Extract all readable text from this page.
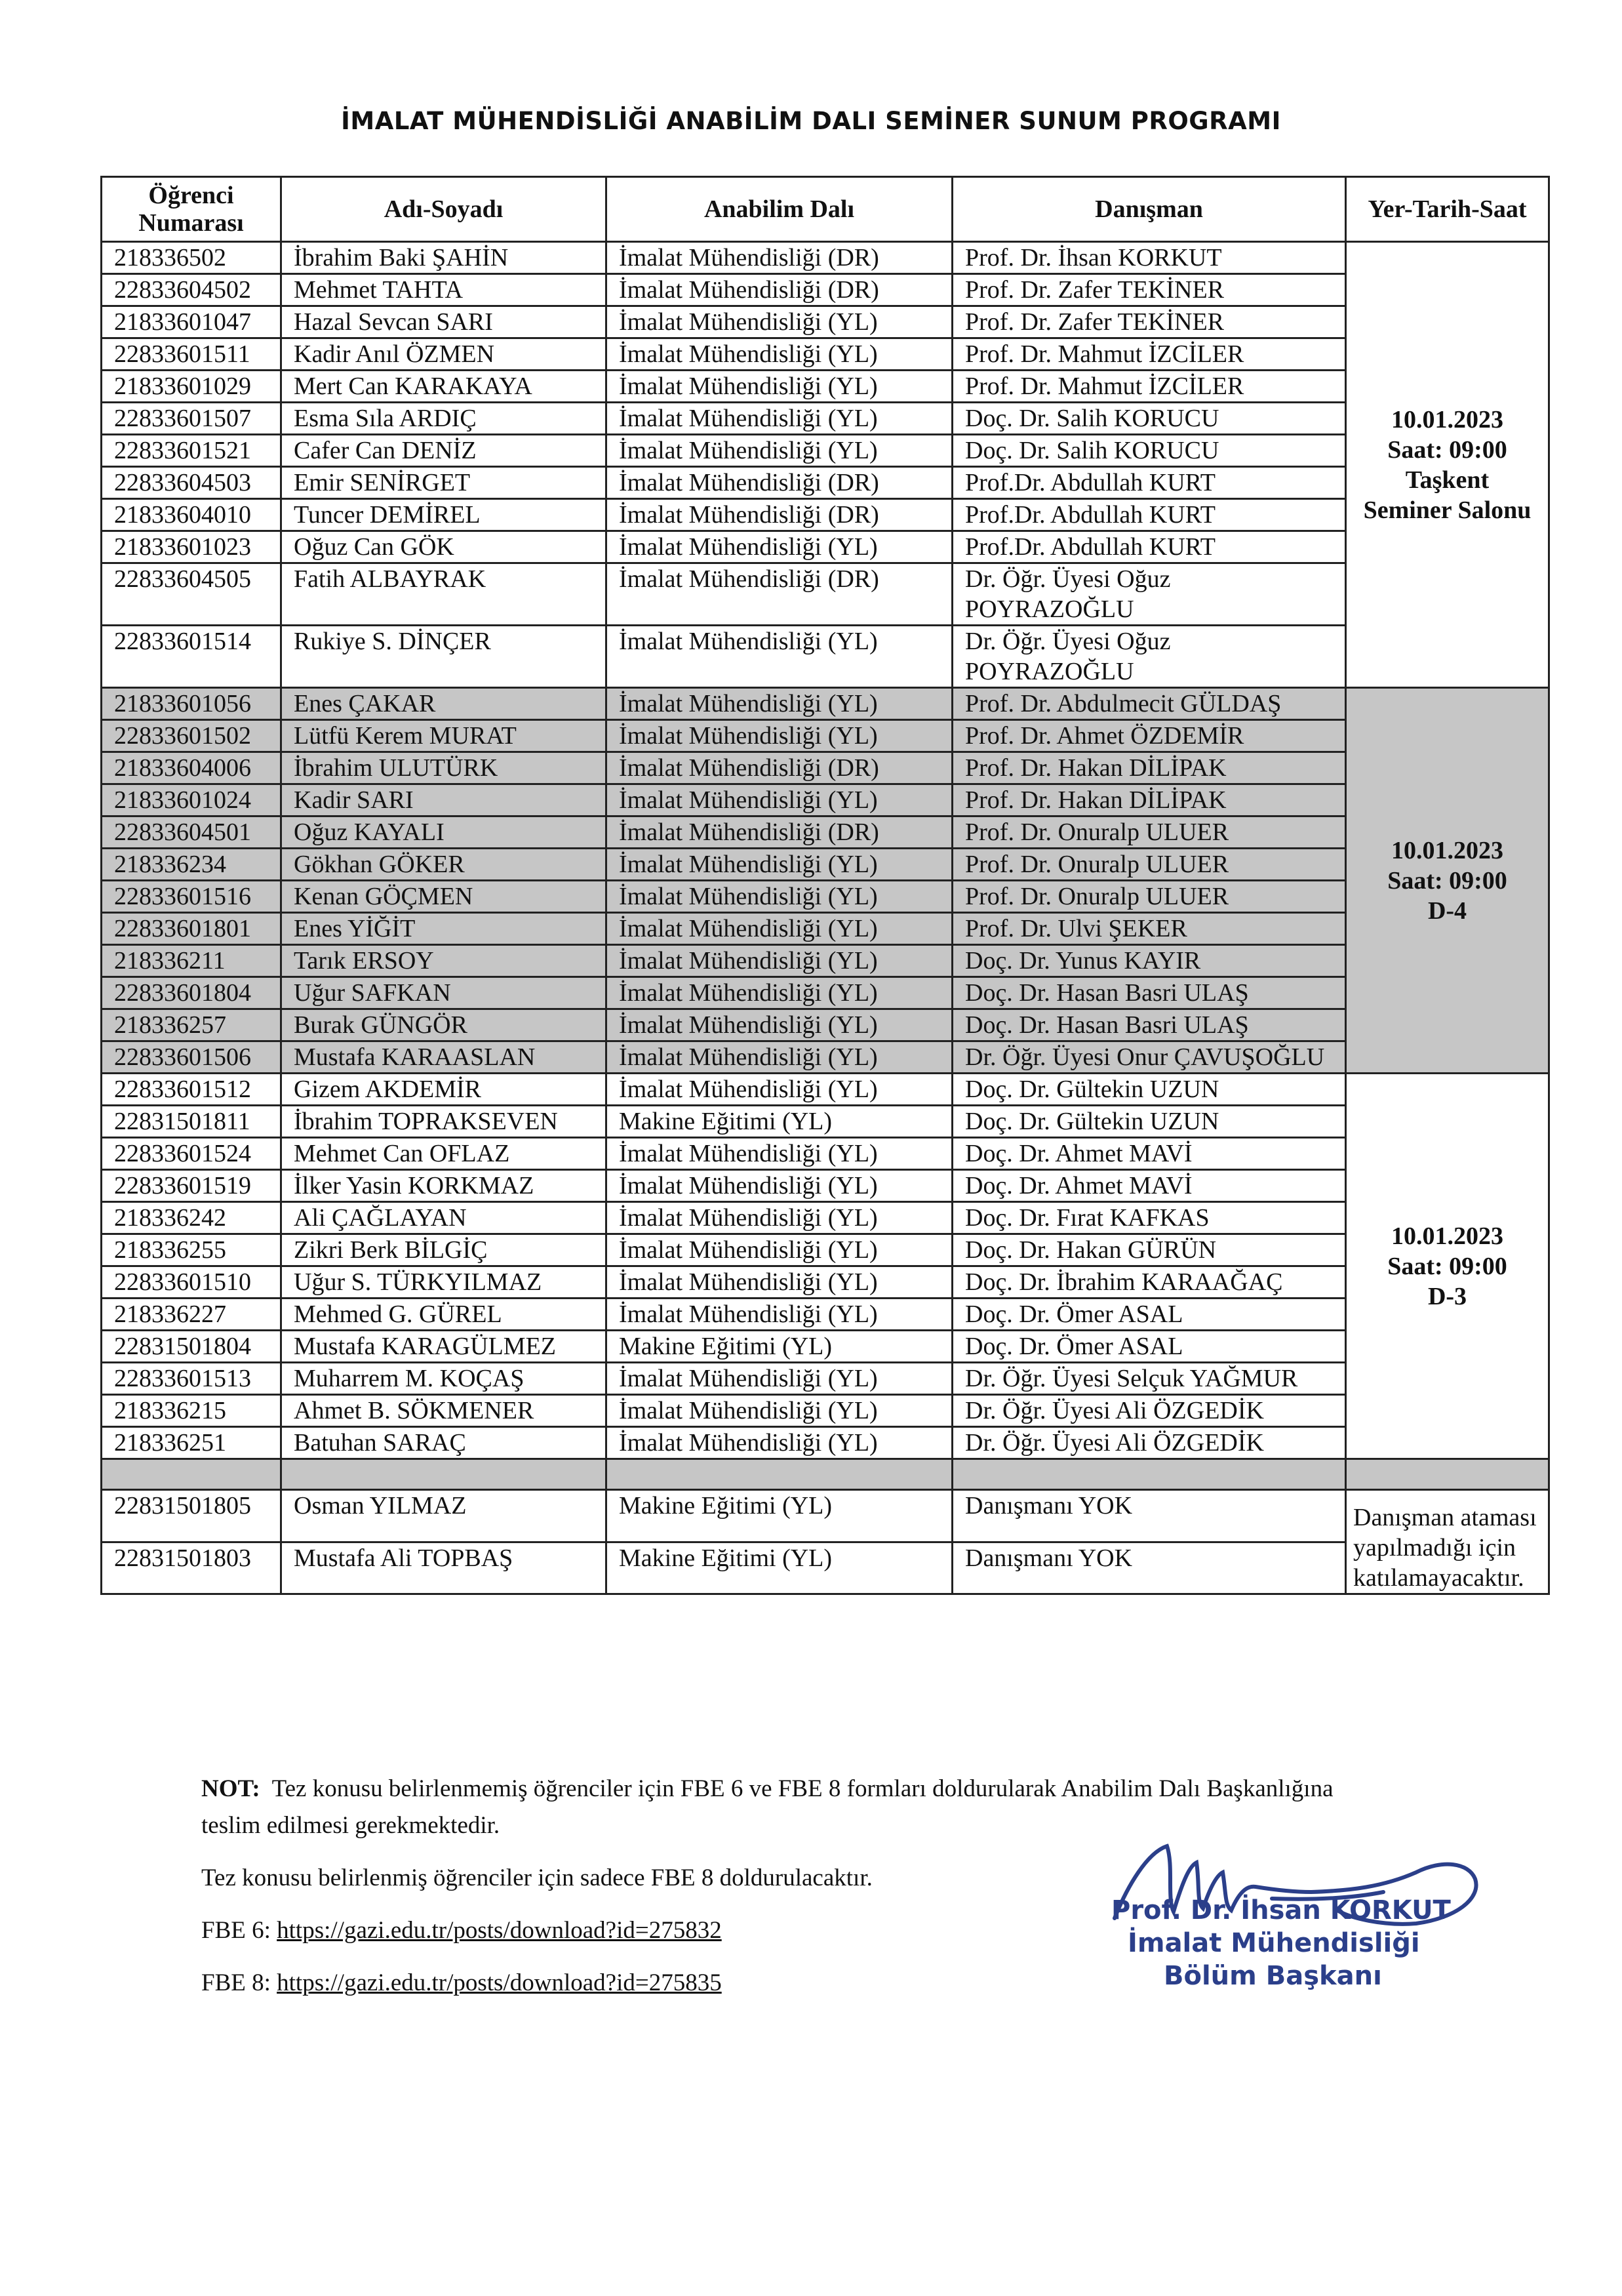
İMALAT MÜHENDİSLİĞİ ANABİLİM DALI SEMİNER SUNUM PROGRAMI
Öğrenci Numarası	Adı-Soyadı	Anabilim Dalı	Danışman	Yer-Tarih-Saat
218336502	İbrahim Baki ŞAHİN	İmalat Mühendisliği (DR)	Prof. Dr. İhsan KORKUT	10.01.2023
Saat: 09:00
Taşkent
Seminer Salonu

22833604502	Mehmet TAHTA	İmalat Mühendisliği (DR)	Prof. Dr. Zafer TEKİNER	
21833601047	Hazal Sevcan SARI	İmalat Mühendisliği (YL)	Prof. Dr. Zafer TEKİNER	
22833601511	Kadir Anıl ÖZMEN	İmalat Mühendisliği (YL)	Prof. Dr. Mahmut İZCİLER	
21833601029	Mert Can KARAKAYA	İmalat Mühendisliği (YL)	Prof. Dr. Mahmut İZCİLER	
22833601507	Esma Sıla ARDIÇ	İmalat Mühendisliği (YL)	Doç. Dr. Salih KORUCU	
22833601521	Cafer Can DENİZ	İmalat Mühendisliği (YL)	Doç. Dr. Salih KORUCU	
22833604503	Emir SENİRGET	İmalat Mühendisliği (DR)	Prof.Dr. Abdullah KURT	
21833604010	Tuncer DEMİREL	İmalat Mühendisliği (DR)	Prof.Dr. Abdullah KURT	
21833601023	Oğuz Can GÖK	İmalat Mühendisliği (YL)	Prof.Dr. Abdullah KURT	
22833604505	Fatih ALBAYRAK	İmalat Mühendisliği (DR)	Dr. Öğr. Üyesi Oğuz POYRAZOĞLU	
22833601514	Rukiye S. DİNÇER	İmalat Mühendisliği (YL)	Dr. Öğr. Üyesi Oğuz POYRAZOĞLU	
21833601056	Enes ÇAKAR	İmalat Mühendisliği (YL)	Prof. Dr. Abdulmecit GÜLDAŞ	10.01.2023
Saat: 09:00
D-4

22833601502	Lütfü Kerem MURAT	İmalat Mühendisliği (YL)	Prof. Dr. Ahmet ÖZDEMİR	
21833604006	İbrahim ULUTÜRK	İmalat Mühendisliği (DR)	Prof. Dr. Hakan DİLİPAK	
21833601024	Kadir SARI	İmalat Mühendisliği (YL)	Prof. Dr. Hakan DİLİPAK	
22833604501	Oğuz KAYALI	İmalat Mühendisliği (DR)	Prof. Dr. Onuralp ULUER	
218336234	Gökhan GÖKER	İmalat Mühendisliği (YL)	Prof. Dr. Onuralp ULUER	
22833601516	Kenan GÖÇMEN	İmalat Mühendisliği (YL)	Prof. Dr. Onuralp ULUER	
22833601801	Enes YİĞİT	İmalat Mühendisliği (YL)	Prof. Dr. Ulvi ŞEKER	
218336211	Tarık ERSOY	İmalat Mühendisliği (YL)	Doç. Dr. Yunus KAYIR	
22833601804	Uğur SAFKAN	İmalat Mühendisliği (YL)	Doç. Dr. Hasan Basri ULAŞ	
218336257	Burak GÜNGÖR	İmalat Mühendisliği (YL)	Doç. Dr. Hasan Basri ULAŞ	
22833601506	Mustafa KARAASLAN	İmalat Mühendisliği (YL)	Dr. Öğr. Üyesi Onur ÇAVUŞOĞLU	
22833601512	Gizem AKDEMİR	İmalat Mühendisliği (YL)	Doç. Dr. Gültekin UZUN	10.01.2023
Saat: 09:00
D-3

22831501811	İbrahim TOPRAKSEVEN	Makine Eğitimi (YL)	Doç. Dr. Gültekin UZUN	
22833601524	Mehmet Can OFLAZ	İmalat Mühendisliği (YL)	Doç. Dr. Ahmet MAVİ	
22833601519	İlker Yasin KORKMAZ	İmalat Mühendisliği (YL)	Doç. Dr. Ahmet MAVİ	
218336242	Ali ÇAĞLAYAN	İmalat Mühendisliği (YL)	Doç. Dr. Fırat KAFKAS	
218336255	Zikri Berk BİLGİÇ	İmalat Mühendisliği (YL)	Doç. Dr. Hakan GÜRÜN	
22833601510	Uğur S. TÜRKYILMAZ	İmalat Mühendisliği (YL)	Doç. Dr. İbrahim KARAAĞAÇ	
218336227	Mehmed G. GÜREL	İmalat Mühendisliği (YL)	Doç. Dr. Ömer ASAL	
22831501804	Mustafa KARAGÜLMEZ	Makine Eğitimi (YL)	Doç. Dr. Ömer ASAL	
22833601513	Muharrem M. KOÇAŞ	İmalat Mühendisliği (YL)	Dr. Öğr. Üyesi Selçuk YAĞMUR	
218336215	Ahmet B. SÖKMENER	İmalat Mühendisliği (YL)	Dr. Öğr. Üyesi Ali ÖZGEDİK	
218336251	Batuhan SARAÇ	İmalat Mühendisliği (YL)	Dr. Öğr. Üyesi Ali ÖZGEDİK	

22831501805	Osman YILMAZ	Makine Eğitimi (YL)	Danışmanı YOK	Danışman ataması yapılmadığı için katılamayacaktır.
22831501803	Mustafa Ali TOPBAŞ	Makine Eğitimi (YL)	Danışmanı YOK	

NOT: Tez konusu belirlenmemiş öğrenciler için FBE 6 ve FBE 8 formları doldurularak Anabilim Dalı Başkanlığına teslim edilmesi gerekmektedir.

Tez konusu belirlenmiş öğrenciler için sadece FBE 8 doldurulacaktır.

FBE 6: https://gazi.edu.tr/posts/download?id=275832

FBE 8: https://gazi.edu.tr/posts/download?id=275835

Prof. Dr. İhsan KORKUT
İmalat Mühendisliği
Bölüm Başkanı
